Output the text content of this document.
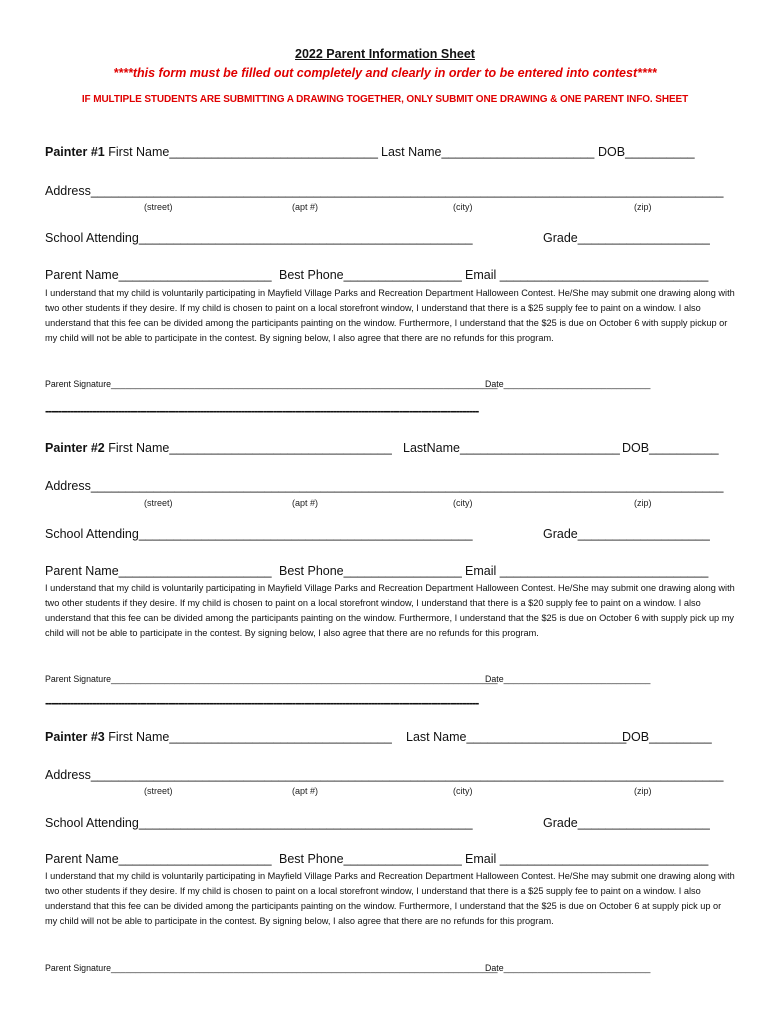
2022 Parent Information Sheet
****this form must be filled out completely and clearly in order to be entered into contest****
IF MULTIPLE STUDENTS ARE SUBMITTING A DRAWING TOGETHER, ONLY SUBMIT ONE DRAWING & ONE PARENT INFO. SHEET
Painter #1 First Name______________________________ Last Name______________________ DOB__________
Address___________________________________________________________________________________________
(street)	(apt #)	(city)	(zip)
School Attending________________________________________________	Grade___________________
Parent Name______________________ Best Phone_________________ Email ______________________________
I understand that my child is voluntarily participating in Mayfield Village Parks and Recreation Department Halloween Contest. He/She may submit one drawing along with two other students if they desire. If my child is chosen to paint on a local storefront window, I understand that there is a $25 supply fee to paint on a window. I also understand that this fee can be divided among the participants painting on the window. Furthermore, I understand that the $25 is due on October 6 with supply pickup or my child will not be able to participate in the contest. By signing below, I also agree that there are no refunds for this program.
Parent Signature_______________________________________________________________________________
Date______________________________
-----------------------------------------------------------------------------------------------------------------------------------------
Painter #2 First Name________________________________ LastName_______________________ DOB__________
Address___________________________________________________________________________________________
(street)	(apt #)	(city)	(zip)
School Attending________________________________________________	Grade___________________
Parent Name______________________ Best Phone_________________ Email ______________________________
I understand that my child is voluntarily participating in Mayfield Village Parks and Recreation Department Halloween Contest. He/She may submit one drawing along with two other students if they desire. If my child is chosen to paint on a local storefront window, I understand that there is a $20 supply fee to paint on a window. I also understand that this fee can be divided among the participants painting on the window. Furthermore, I understand that the $25 is due on October 6 with supply pick up my child will not be able to participate in the contest. By signing below, I also agree that there are no refunds for this program.
Parent Signature_______________________________________________________________________________
Date______________________________
-----------------------------------------------------------------------------------------------------------------------------------------
Painter #3 First Name________________________________ Last Name_______________________
DOB_________
Address___________________________________________________________________________________________
(street)	(apt #)	(city)	(zip)
School Attending________________________________________________	Grade___________________
Parent Name______________________ Best Phone_________________ Email ______________________________
I understand that my child is voluntarily participating in Mayfield Village Parks and Recreation Department Halloween Contest. He/She may submit one drawing along with two other students if they desire. If my child is chosen to paint on a local storefront window, I understand that there is a $25 supply fee to paint on a window. I also understand that this fee can be divided among the participants painting on the window. Furthermore, I understand that the $25 is due on October 6 at supply pick up or my child will not be able to participate in the contest. By signing below, I also agree that there are no refunds for this program.
Parent Signature_______________________________________________________________________________
Date______________________________
